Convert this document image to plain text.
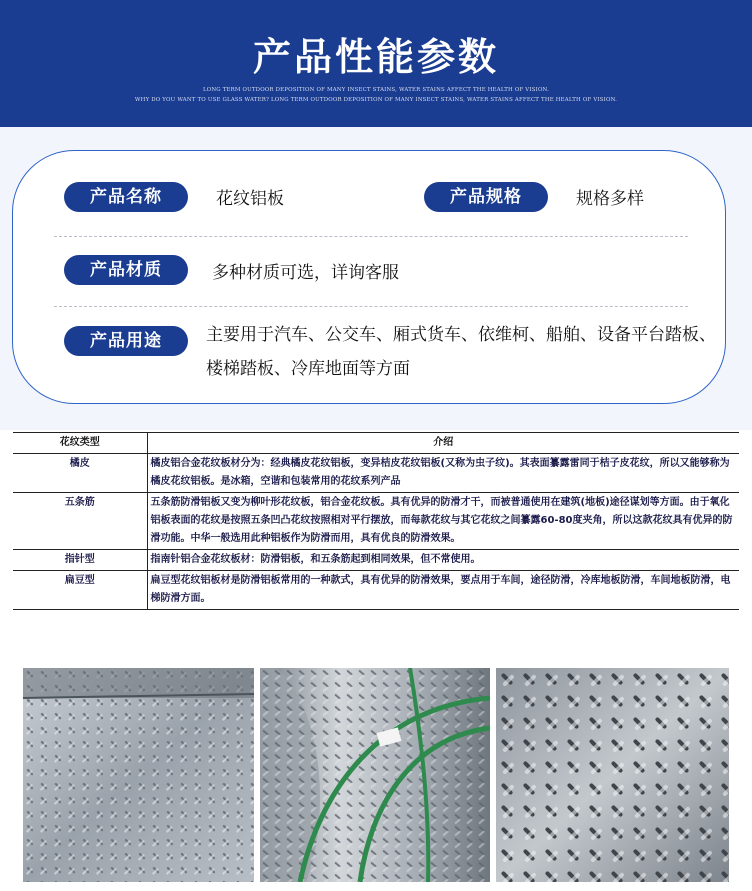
产品性能参数
LONG TERM OUTDOOR DEPOSITION OF MANY INSECT STAINS, WATER STAINS AFFECT THE HEALTH OF VISION.
WHY DO YOU WANT TO USE GLASS WATER? LONG TERM OUTDOOR DEPOSITION OF MANY INSECT STAINS, WATER STAINS AFFECT THE HEALTH OF VISION.
产品名称	花纹铝板	产品规格	规格多样
产品材质	多种材质可选，详询客服
产品用途	主要用于汽车、公交车、厢式货车、依维柯、船舶、设备平台踏板、楼梯踏板、冷库地面等方面
花纹类型	介绍
橘皮	橘皮铝合金花纹板材分为：经典橘皮花纹铝板，变异桔皮花纹铝板(又称为虫子纹)。其表面纂露雷同于桔子皮花纹，所以又能够称为橘皮花纹铝板。是冰箱，空谐和包装常用的花纹系列产品
五条筋	五条筋防滑铝板又变为柳叶形花纹板，铝合金花纹板。具有优异的防滑才干，而被普通使用在建筑(地板)途径谋划等方面。由于氧化铝板表面的花纹是按照五条凹凸花纹按照相对平行摆放，而每款花纹与其它花纹之间纂露60-80度夹角，所以这款花纹具有优异的防滑功能。中华一般选用此种铝板作为防滑而用，具有优良的防滑效果。
指针型	指南针铝合金花纹板材：防滑铝板，和五条筋起到相同效果，但不常使用。
扁豆型	扁豆型花纹铝板材是防滑铝板常用的一种款式，具有优异的防滑效果，要点用于车间，途径防滑，冷库地板防滑，车间地板防滑，电梯防滑方面。
